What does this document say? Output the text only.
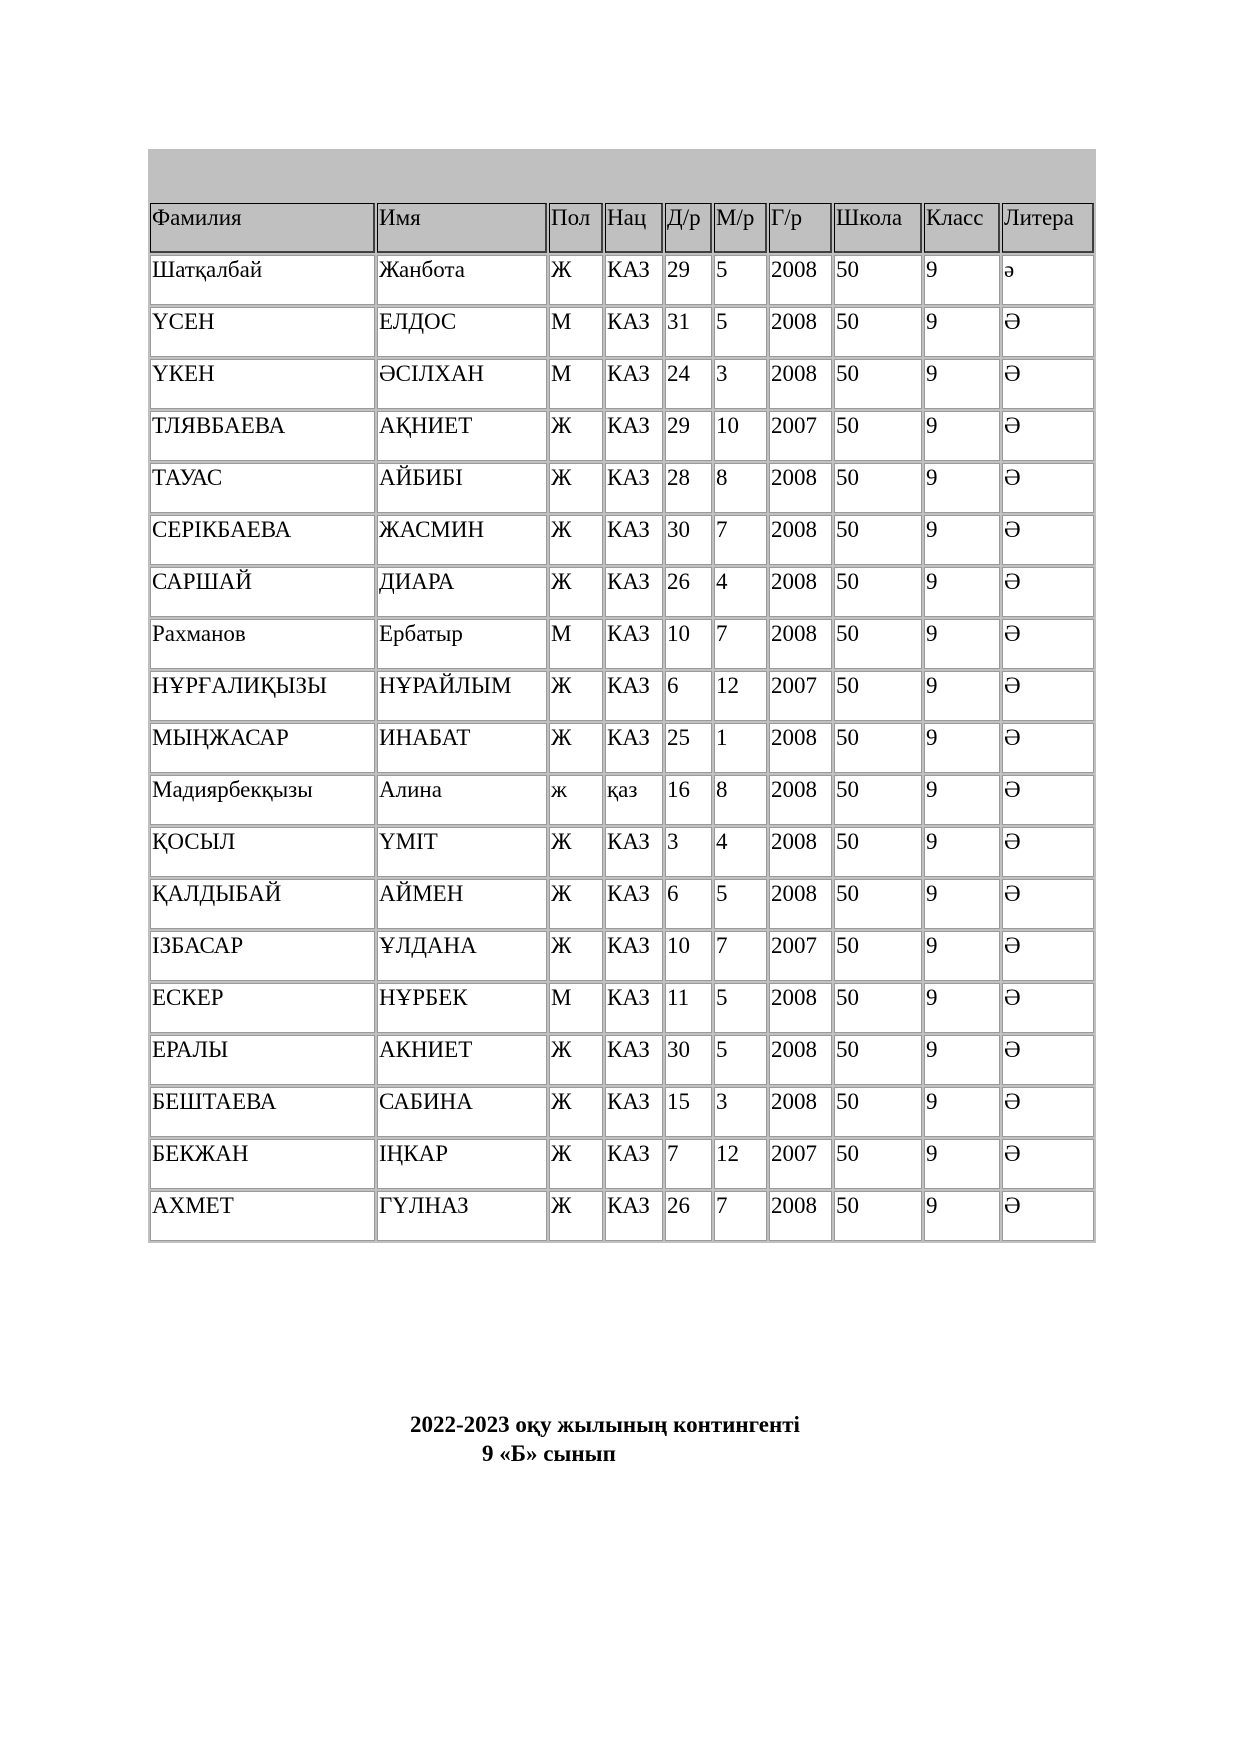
Фамилия	Имя	Пол	Нац	Д/р	М/р	Г/р	Школа	Класс	Литера
Шатқалбай	Жанбота	Ж	КАЗ	29	5	2008	50	9	ә
ҮСЕН	ЕЛДОС	М	КАЗ	31	5	2008	50	9	Ә
ҮКЕН	ӘСІЛХАН	М	КАЗ	24	3	2008	50	9	Ә
ТЛЯВБАЕВА	АҚНИЕТ	Ж	КАЗ	29	10	2007	50	9	Ә
ТАУАС	АЙБИБІ	Ж	КАЗ	28	8	2008	50	9	Ә
СЕРІКБАЕВА	ЖАСМИН	Ж	КАЗ	30	7	2008	50	9	Ә
САРШАЙ	ДИАРА	Ж	КАЗ	26	4	2008	50	9	Ә
Рахманов	Ербатыр	М	КАЗ	10	7	2008	50	9	Ә
НҰРҒАЛИҚЫЗЫ	НҰРАЙЛЫМ	Ж	КАЗ	6	12	2007	50	9	Ә
МЫҢЖАСАР	ИНАБАТ	Ж	КАЗ	25	1	2008	50	9	Ә
Мадиярбекқызы	Алина	ж	қаз	16	8	2008	50	9	Ә
ҚОСЫЛ	ҮМІТ	Ж	КАЗ	3	4	2008	50	9	Ә
ҚАЛДЫБАЙ	АЙМЕН	Ж	КАЗ	6	5	2008	50	9	Ә
ІЗБАСАР	ҰЛДАНА	Ж	КАЗ	10	7	2007	50	9	Ә
ЕСКЕР	НҰРБЕК	М	КАЗ	11	5	2008	50	9	Ә
ЕРАЛЫ	АКНИЕТ	Ж	КАЗ	30	5	2008	50	9	Ә
БЕШТАЕВА	САБИНА	Ж	КАЗ	15	3	2008	50	9	Ә
БЕКЖАН	ІҢКАР	Ж	КАЗ	7	12	2007	50	9	Ә
АХМЕТ	ГҮЛНАЗ	Ж	КАЗ	26	7	2008	50	9	Ә
2022-2023 оқу жылының контингенті
9 «Б» сынып
